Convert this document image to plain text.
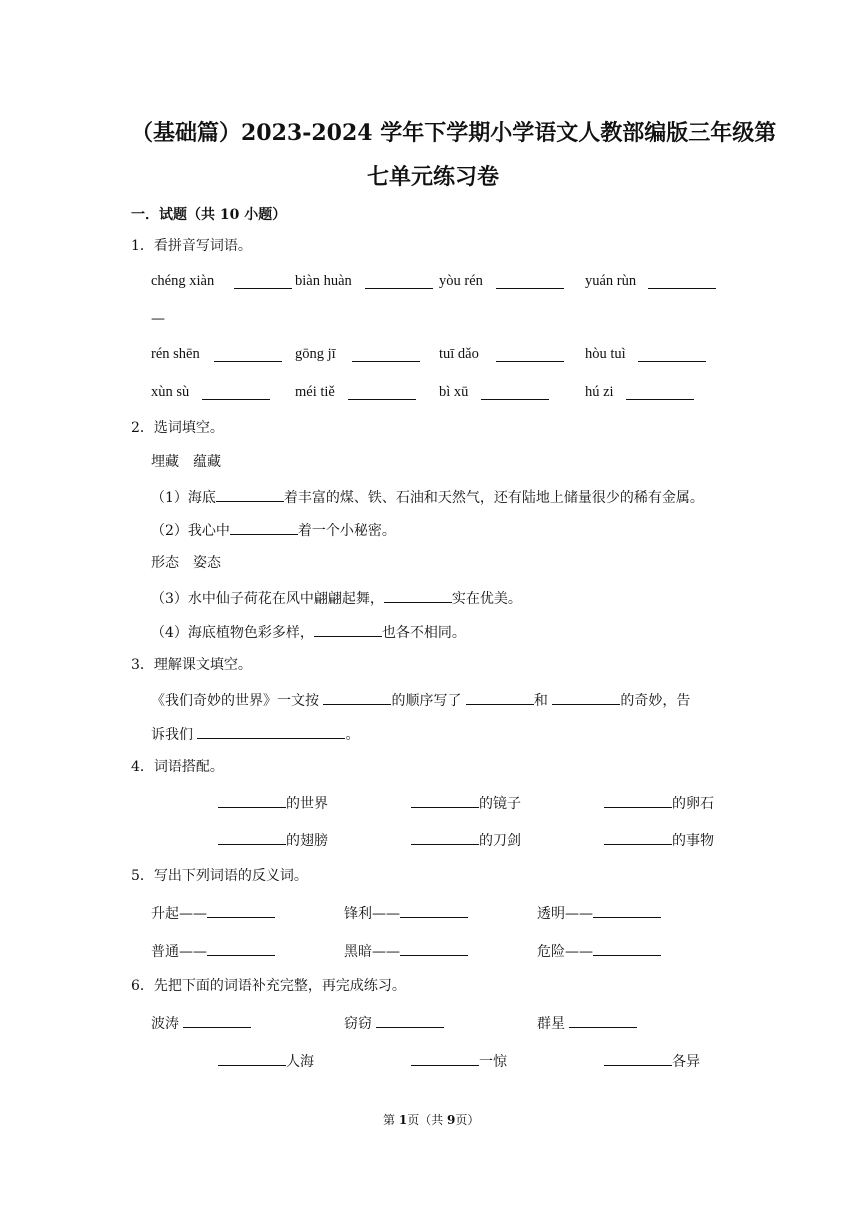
（基础篇）2023-2024 学年下学期小学语文人教部编版三年级第
七单元练习卷
一．试题（共 10 小题）
1．看拼音写词语。
chéng xiàn	biàn huàn	yòu rén	yuán rùn
—
rén shēn	gōng jī	tuī dǎo	hòu tuì
xùn sù	méi tiě	bì xū	hú zi
2．选词填空。
埋藏　蕴藏
（1）海底	着丰富的煤、铁、石油和天然气，还有陆地上储量很少的稀有金属。
（2）我心中	着一个小秘密。
形态　姿态
（3）水中仙子荷花在风中翩翩起舞，	实在优美。
（4）海底植物色彩多样，	也各不相同。
3．理解课文填空。
《我们奇妙的世界》一文按	的顺序写了	和	的奇妙，告
诉我们	。
4．词语搭配。
的世界	的镜子	的卵石
的翅膀	的刀剑	的事物
5．写出下列词语的反义词。
升起——	锋利——	透明——
普通——	黑暗——	危险——
6．先把下面的词语补充完整，再完成练习。
波涛	窃窃	群星
人海	一惊	各异
第 1页（共 9页）
